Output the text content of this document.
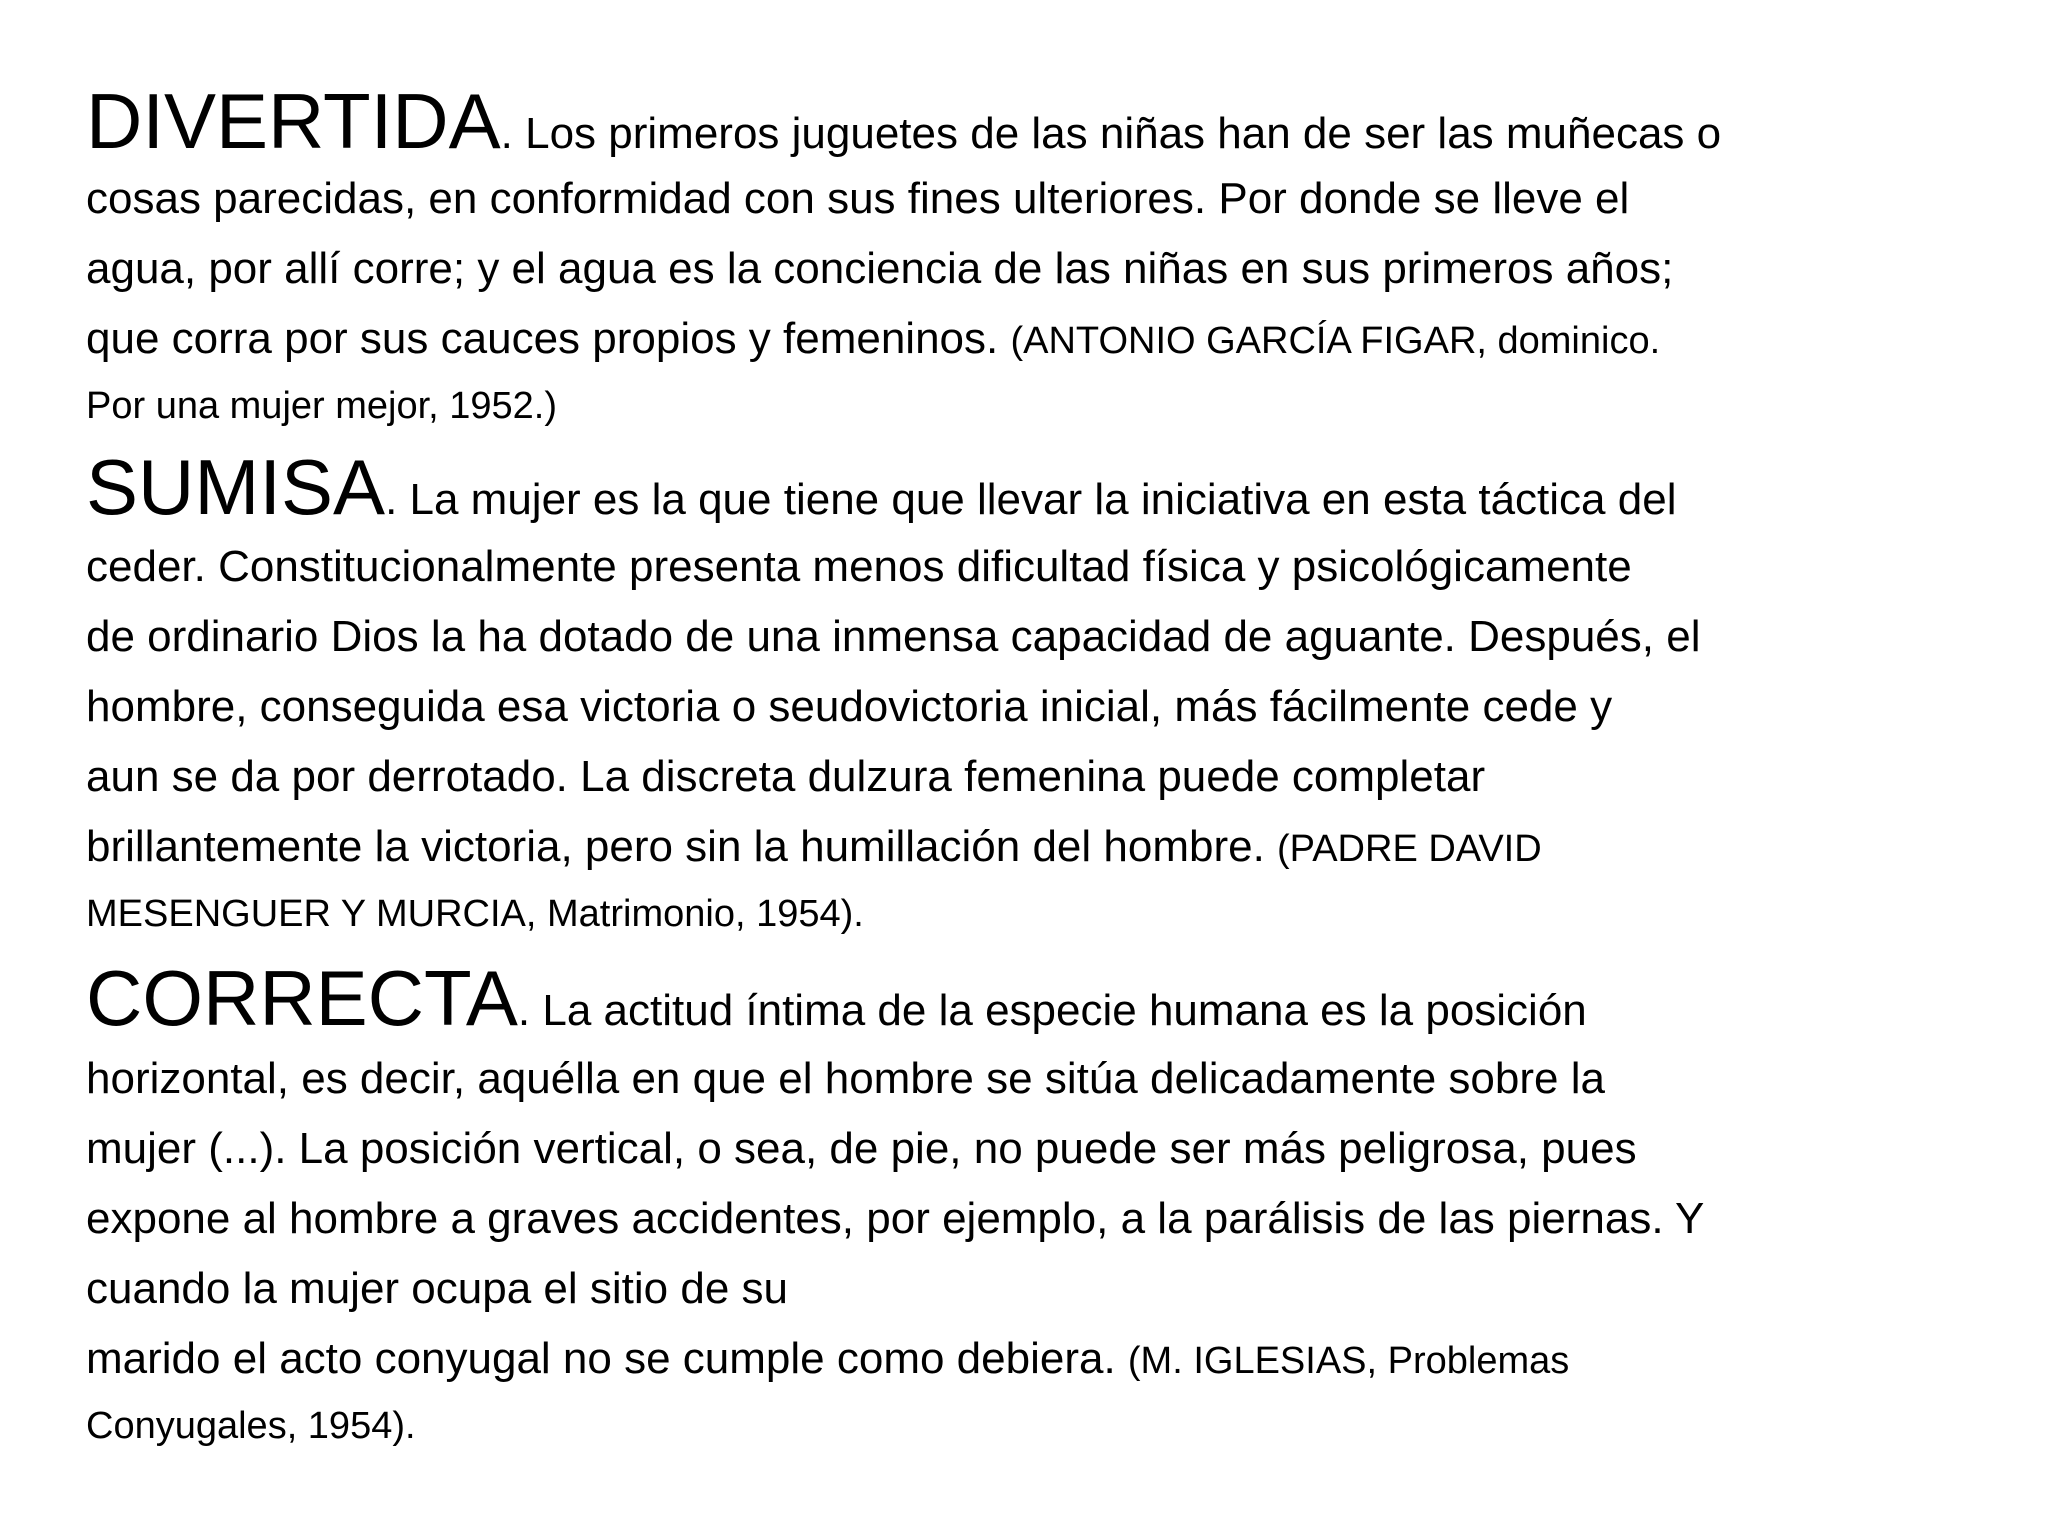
DIVERTIDA. Los primeros juguetes de las niñas han de ser las muñecas o
cosas parecidas, en conformidad con sus fines ulteriores. Por donde se lleve el
agua, por allí corre; y el agua es la conciencia de las niñas en sus primeros años;
que corra por sus cauces propios y femeninos. (ANTONIO GARCÍA FIGAR, dominico.
Por una mujer mejor, 1952.)
SUMISA. La mujer es la que tiene que llevar la iniciativa en esta táctica del
ceder. Constitucionalmente presenta menos dificultad física y psicológicamente
de ordinario Dios la ha dotado de una inmensa capacidad de aguante. Después, el
hombre, conseguida esa victoria o seudovictoria inicial, más fácilmente cede y
aun se da por derrotado. La discreta dulzura femenina puede completar
brillantemente la victoria, pero sin la humillación del hombre. (PADRE DAVID
MESENGUER Y MURCIA, Matrimonio, 1954).
CORRECTA. La actitud íntima de la especie humana es la posición
horizontal, es decir, aquélla en que el hombre se sitúa delicadamente sobre la
mujer (...). La posición vertical, o sea, de pie, no puede ser más peligrosa, pues
expone al hombre a graves accidentes, por ejemplo, a la parálisis de las piernas. Y
cuando la mujer ocupa el sitio de su
marido el acto conyugal no se cumple como debiera. (M. IGLESIAS, Problemas
Conyugales, 1954).
